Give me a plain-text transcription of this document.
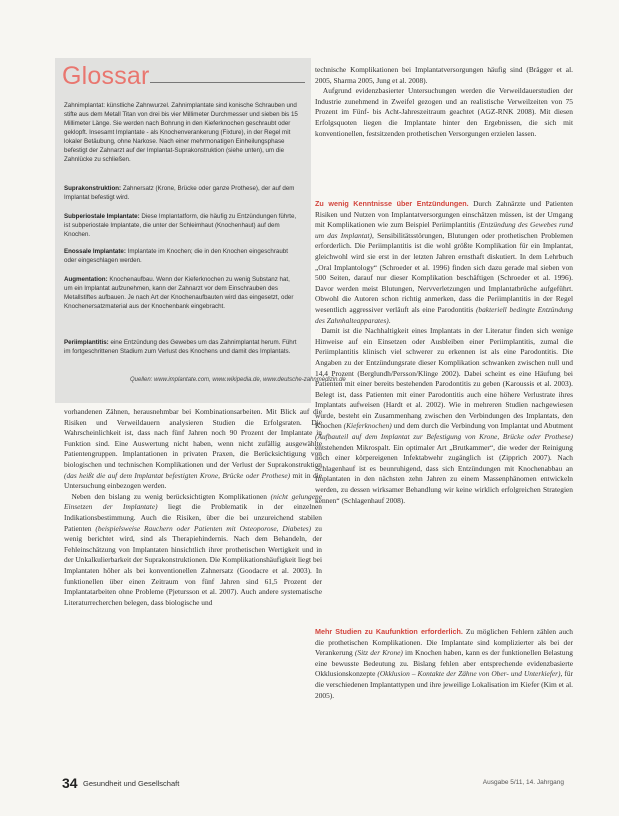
Glossar

Zahnimplantat: künstliche Zahnwurzel. Zahnimplantate sind konische Schrauben und stifte aus dem Metall Titan von drei bis vier Millimeter Durchmesser und sieben bis 15 Millimeter Länge. Sie werden nach Bohrung in den Kieferknochen geschraubt oder geklopft. Insesamt Implantate - als Knochenverankerung (Fixture), in der Regel mit lokaler Betäubung, ohne Narkose. Nach einer mehrmonatigen Einheilungsphase befestigt der Zahnarzt auf der Implantat-Suprakonstruktion (siehe unten), um die Zahnlücke zu schließen.

Suprakonstruktion: Zahnersatz (Krone, Brücke oder ganze Prothese), der auf dem Implantat befestigt wird.

Subperiostale Implantate: Diese Implantatform, die häufig zu Entzündungen führte, ist subperiostale Implantate, die unter der Schleimhaut (Knochenhaut) auf dem Knochen.

Enossale Implantate: Implantate im Knochen; die in den Knochen eingeschraubt oder eingeschlagen werden.

Augmentation: Knochenaufbau. Wenn der Kieferknochen zu wenig Substanz hat, um ein Implantat aufzunehmen, kann der Zahnarzt vor dem Einschrauben des Metallstiftes aufbauen. Je nach Art der Knochenaufbauten wird das eingesetzt, oder Knochenersatzmaterial aus der Knochenbank eingebracht.

Periimplantitis: eine Entzündung des Gewebes um das Zahnimplantat herum. Führt im fortgeschrittenen Stadium zum Verlust des Knochens und damit des Implantats.

Quellen: www.implantate.com, www.wikipedia.de, www.deutsche-zahnmedizin.de

vorhandenen Zähnen, herausnehmbar bei Kombinationsarbeiten. Mit Blick auf die Risiken und Verweildauern analysieren Studien die Erfolgsraten. Die Wahrscheinlichkeit ist, dass nach fünf Jahren noch 90 Prozent der Implantate in Funktion sind. Eine Auswertung nicht haben, wenn nicht zufällig ausgewählte Patientengruppen. Implantationen in privaten Praxen, die Berücksichtigung von biologischen und technischen Komplikationen und der Verlust der Suprakonstruktion (das heißt die auf dem Implantat befestigten Krone, Brücke oder Prothese) mit in die Untersuchung einbezogen werden.
Neben den bislang zu wenig berücksichtigten Komplikationen (nicht gelungene Einsetzen der Implantate) liegt die Problematik in der einzelnen Indikationsbestimmung. Auch die Risiken, über die bei unzureichend stabilen Patienten (beispielsweise Rauchern oder Patienten mit Osteoporose, Diabetes) zu wenig berichtet wird, sind als Therapiehindernis. Nach dem Behandeln, der Fehleinschätzung von Implantaten hinsichtlich ihrer prothetischen Wertigkeit und in der Unkalkulierbarkeit der Suprakonstruktionen. Die Komplikationshäufigkeit liegt bei Implantaten höher als bei konventionellen Zahnersatz (Goodacre et al. 2003). In funktionellen über einen Zeitraum von fünf Jahren sind 61,5 Prozent der Implantatarbeiten ohne Probleme (Pjetursson et al. 2007). Auch andere systematische Literaturrecherchen belegen, dass biologische und

technische Komplikationen bei Implantatversorgungen häufig sind (Brägger et al. 2005, Sharma 2005, Jung et al. 2008).
Aufgrund evidenzbasierter Untersuchungen werden die Verweildauerstudien der Industrie zunehmend in Zweifel gezogen und an realistische Verweilzeiten von 75 Prozent im Fünf- bis Acht-Jahreszeitraum geachtet (AGZ-RNK 2008). Mit diesen Erfolgsquoten liegen die Implantate hinter den Ergebnissen, die sich mit konventionellen, festsitzenden prothetischen Versorgungen erzielen lassen.

Zu wenig Kenntnisse über Entzündungen. Durch Zahnärzte und Patienten Risiken und Nutzen von Implantatversorgungen einschätzen müssen, ist der Umgang mit Komplikationen wie zum Beispiel Periimplantitis (Entzündung des Gewebes rund um das Implantat), Sensibilitätsstörungen, Blutungen oder prothetischen Problemen erforderlich. Die Periimplantitis ist die wohl größte Komplikation für ein Implantat, gleichwohl wird sie erst in der letzten Jahren ernsthaft diskutiert. In dem Lehrbuch „Oral Implantology“ (Schroeder et al. 1996) finden sich dazu gerade mal sieben von 500 Seiten, darauf nur dieser Komplikation beschäftigen (Schroeder et al. 1996). Davor werden meist Blutungen, Nervverletzungen und Implantatbrüche aufgeführt. Obwohl die Autoren schon richtig anmerken, dass die Periimplantitis in der Regel wesentlich aggressiver verläuft als eine Parodontitis (bakteriell bedingte Entzündung des Zahnhalteapparates).
Damit ist die Nachhaltigkeit eines Implantats in der Literatur finden sich wenige Hinweise auf ein Einsetzen oder Ausbleiben einer Periimplantitis, zumal die Periimplantitis klinisch viel schwerer zu erkennen ist als eine Parodontitis. Die Angaben zu der Entzündungsrate dieser Komplikation schwanken zwischen null und 14,4 Prozent (Berglundh/Persson/Klinge 2002). Dabei scheint es eine Häufung bei Patienten mit einer bereits bestehenden Parodontitis zu geben (Karoussis et al. 2003). Belegt ist, dass Patienten mit einer Parodontitis auch eine höhere Verlustrate ihres Implantats aufweisen (Hardt et al. 2002). Wie in mehreren Studien nachgewiesen wurde, besteht ein Zusammenhang zwischen den Verbindungen des Implantats, den Knochen (Kieferknochen) und dem durch die Verbindung von Implantat und Abutment (Aufbauteil auf dem Implantat zur Befestigung von Krone, Brücke oder Prothese) entstehenden Mikrospalt. Ein optimaler Art „Brutkammer“, die weder der Reinigung noch einer körpereigenen Infektabwehr zugänglich ist (Zipprich 2007). Nach Schlagenhauf ist es beunruhigend, dass sich Entzündungen mit Knochenabbau an Implantaten in den nächsten zehn Jahren zu einem Massenphänomen entwickeln werden, zu dessen wirksamer Behandlung wir keine wirklich erfolgreichen Strategien kennen“ (Schlagenhauf 2008).

Mehr Studien zu Kaufunktion erforderlich. Zu möglichen Fehlern zählen auch die prothetischen Komplikationen. Die Implantate sind komplizierter als bei der Verankerung (Sitz der Krone) im Knochen haben, kann es der funktionellen Belastung eine bewusste Bedeutung zu. Bislang fehlen aber entsprechende evidenzbasierte Okklusionskonzepte (Okklusion – Kontakte der Zähne von Ober- und Unterkiefer), für die verschiedenen Implantattypen und ihre jeweilige Lokalisation im Kiefer (Kim et al. 2005).

34 Gesundheit und Gesellschaft	Ausgabe 5/11, 14. Jahrgang
